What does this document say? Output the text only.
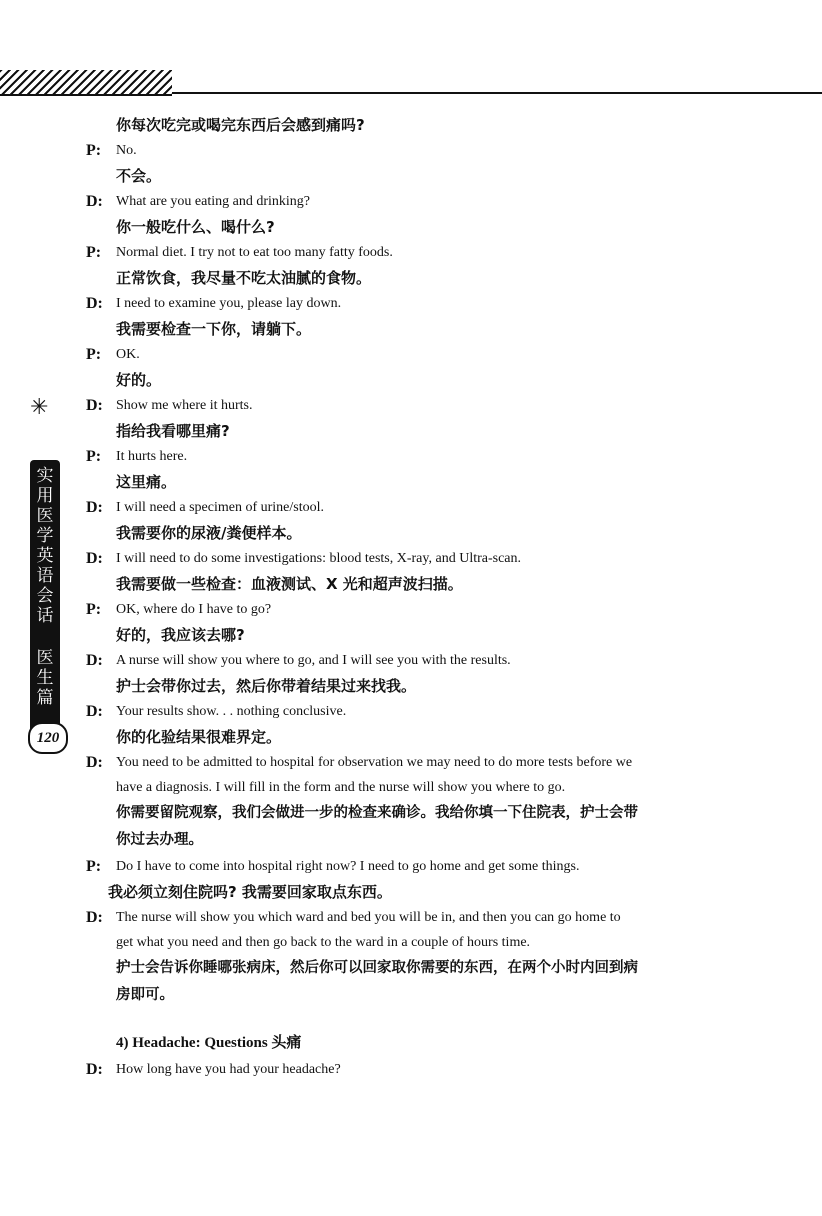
✳
实用医学英语会话
医生篇
120
你每次吃完或喝完东西后会感到痛吗?
P: No.
不会。
D: What are you eating and drinking?
你一般吃什么、喝什么?
P: Normal diet. I try not to eat too many fatty foods.
正常饮食，我尽量不吃太油腻的食物。
D: I need to examine you, please lay down.
我需要检查一下你，请躺下。
P: OK.
好的。
D: Show me where it hurts.
指给我看哪里痛?
P: It hurts here.
这里痛。
D: I will need a specimen of urine/stool.
我需要你的尿液/粪便样本。
D: I will need to do some investigations: blood tests, X-ray, and Ultra-scan.
我需要做一些检查：血液测试、X 光和超声波扫描。
P: OK, where do I have to go?
好的，我应该去哪?
D: A nurse will show you where to go, and I will see you with the results.
护士会带你过去，然后你带着结果过来找我。
D: Your results show. . . nothing conclusive.
你的化验结果很难界定。
D: You need to be admitted to hospital for observation we may need to do more tests before we
have a diagnosis. I will fill in the form and the nurse will show you where to go.
你需要留院观察，我们会做进一步的检查来确诊。我给你填一下住院表，护士会带
你过去办理。
P: Do I have to come into hospital right now? I need to go home and get some things.
我必须立刻住院吗? 我需要回家取点东西。
D: The nurse will show you which ward and bed you will be in, and then you can go home to
get what you need and then go back to the ward in a couple of hours time.
护士会告诉你睡哪张病床，然后你可以回家取你需要的东西，在两个小时内回到病
房即可。
4) Headache: Questions 头痛
D: How long have you had your headache?
